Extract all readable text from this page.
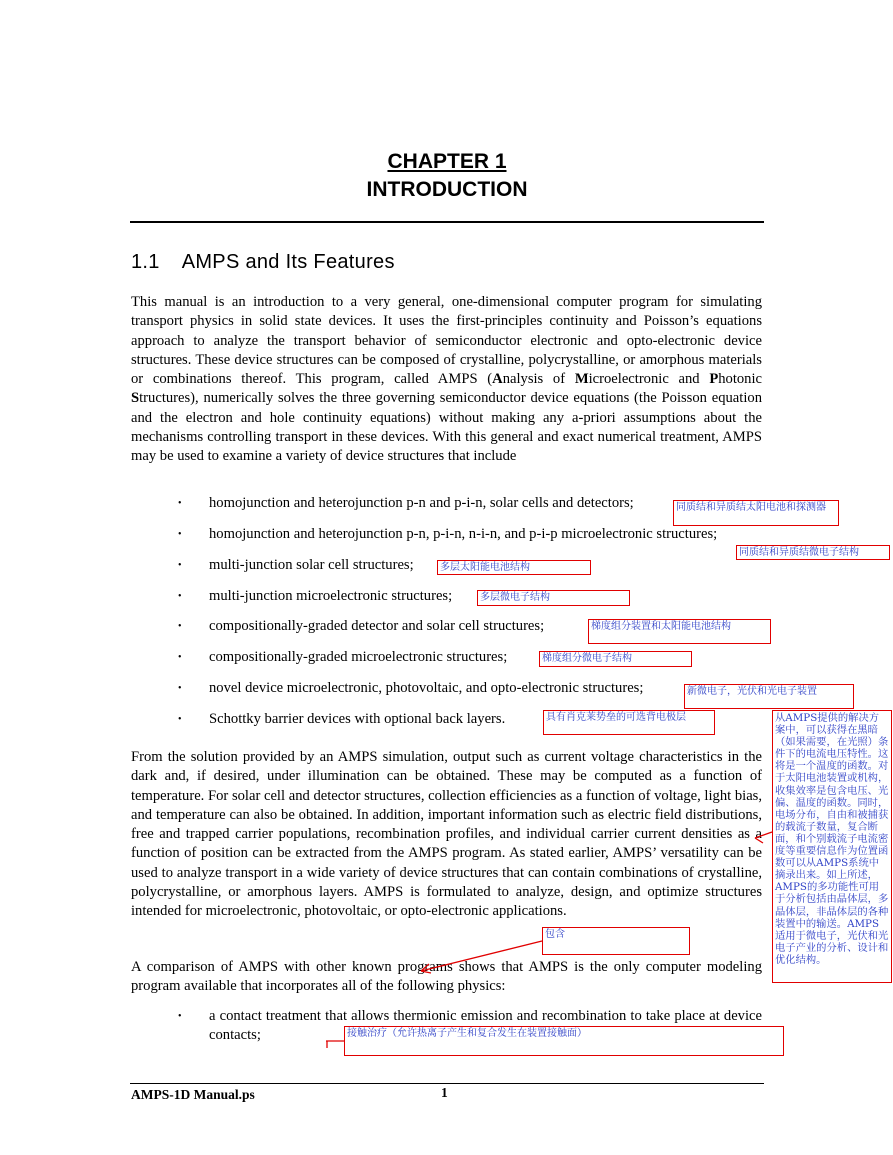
CHAPTER 1
INTRODUCTION
1.1 AMPS and Its Features
This manual is an introduction to a very general, one-dimensional computer program for simulating transport physics in solid state devices. It uses the first-principles continuity and Poisson’s equations approach to analyze the transport behavior of semiconductor electronic and opto-electronic device structures. These device structures can be composed of crystalline, polycrystalline, or amorphous materials or combinations thereof. This program, called AMPS (Analysis of Microelectronic and Photonic Structures), numerically solves the three governing semiconductor device equations (the Poisson equation and the electron and hole continuity equations) without making any a-priori assumptions about the mechanisms controlling transport in these devices. With this general and exact numerical treatment, AMPS may be used to examine a variety of device structures that include
• homojunction and heterojunction p-n and p-i-n, solar cells and detectors;
• homojunction and heterojunction p-n, p-i-n, n-i-n, and p-i-p microelectronic structures;
• multi-junction solar cell structures;
• multi-junction microelectronic structures;
• compositionally-graded detector and solar cell structures;
• compositionally-graded microelectronic structures;
• novel device microelectronic, photovoltaic, and opto-electronic structures;
• Schottky barrier devices with optional back layers.
From the solution provided by an AMPS simulation, output such as current voltage characteristics in the dark and, if desired, under illumination can be obtained. These may be computed as a function of temperature. For solar cell and detector structures, collection efficiencies as a function of voltage, light bias, and temperature can also be obtained. In addition, important information such as electric field distributions, free and trapped carrier populations, recombination profiles, and individual carrier current densities as a function of position can be extracted from the AMPS program. As stated earlier, AMPS’ versatility can be used to analyze transport in a wide variety of device structures that can contain combinations of crystalline, polycrystalline, or amorphous layers. AMPS is formulated to analyze, design, and optimize structures intended for microelectronic, photovoltaic, or opto-electronic applications.
A comparison of AMPS with other known programs shows that AMPS is the only computer modeling program available that incorporates all of the following physics:
• a contact treatment that allows thermionic emission and recombination to take place at device contacts;
同质结和异质结太阳电池和探测器
同质结和异质结微电子结构
多层太阳能电池结构
多层微电子结构
梯度组分装置和太阳能电池结构
梯度组分微电子结构
新微电子，光伏和光电子装置
具有肖克莱势垒的可选背电极层	从AMPS提供的解决方案中，可以获得在黑暗（如果需要，在光照）条件下的电流电压特性。这将是一个温度的函数。对于太阳电池装置或机构，收集效率是包含电压、光偏、温度的函数。同时，电场分布，自由和被捕获的载流子数量，复合断面，和个别载流子电流密度等重要信息作为位置函数可以从AMPS系统中摘录出来。如上所述，AMPS的多功能性可用于分析包括由晶体层，多晶体层，非晶体层的各种装置中的输送。AMPS适用于微电子，光伏和光电子产业的分析、设计和优化结构。
包含
接触治疗（允许热离子产生和复合发生在装置接触面）
AMPS-1D Manual.ps	1
